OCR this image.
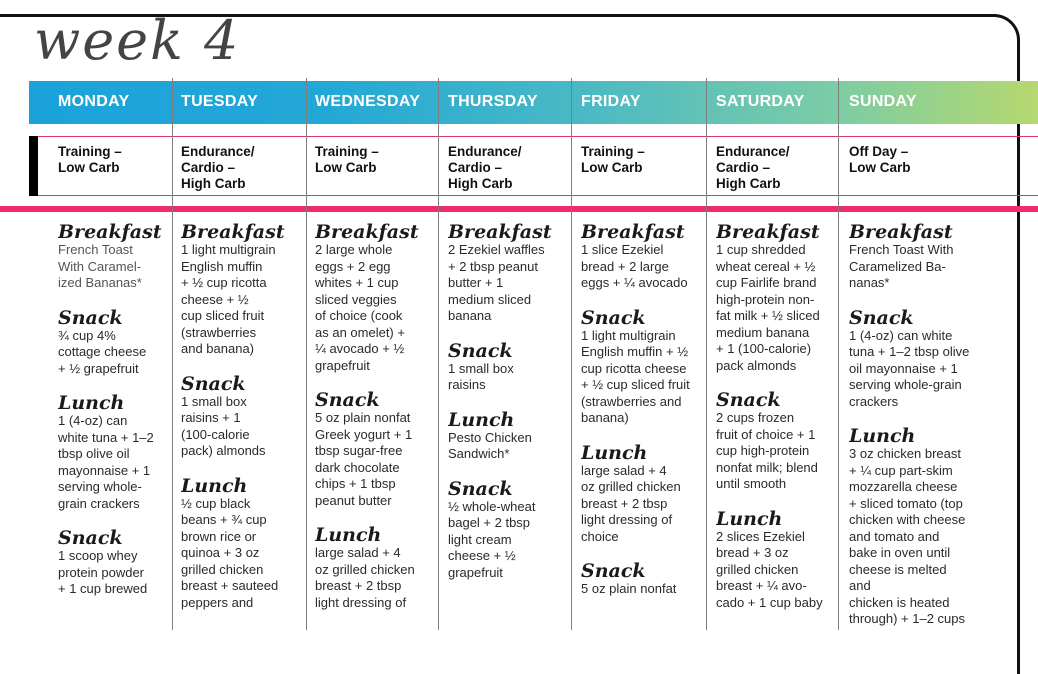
week 4
MONDAY
Training –
Low Carb
Breakfast
French Toast
With Caramel-
ized Bananas*
Snack
¾ cup 4%
cottage cheese
+ ½ grapefruit
Lunch
1 (4-oz) can
white tuna + 1–2
tbsp olive oil
mayonnaise + 1
serving whole-
grain crackers
Snack
1 scoop whey
protein powder
+ 1 cup brewed
TUESDAY
Endurance/
Cardio –
High Carb
Breakfast
1 light multigrain
English muffin
+ ½ cup ricotta
cheese + ½
cup sliced fruit
(strawberries
and banana)
Snack
1 small box
raisins + 1
(100-calorie
pack) almonds
Lunch
½ cup black
beans + ¾ cup
brown rice or
quinoa + 3 oz
grilled chicken
breast + sauteed
peppers and
WEDNESDAY
Training –
Low Carb
Breakfast
2 large whole
eggs + 2 egg
whites + 1 cup
sliced veggies
of choice (cook
as an omelet) +
¼ avocado + ½
grapefruit
Snack
5 oz plain nonfat
Greek yogurt + 1
tbsp sugar-free
dark chocolate
chips + 1 tbsp
peanut butter
Lunch
large salad + 4
oz grilled chicken
breast + 2 tbsp
light dressing of
THURSDAY
Endurance/
Cardio –
High Carb
Breakfast
2 Ezekiel waffles
+ 2 tbsp peanut
butter + 1
medium sliced
banana
Snack
1 small box
raisins
Lunch
Pesto Chicken
Sandwich*
Snack
½ whole-wheat
bagel + 2 tbsp
light cream
cheese + ½
grapefruit
FRIDAY
Training –
Low Carb
Breakfast
1 slice Ezekiel
bread + 2 large
eggs + ¼ avocado
Snack
1 light multigrain
English muffin + ½
cup ricotta cheese
+ ½ cup sliced fruit
(strawberries and
banana)
Lunch
large salad + 4
oz grilled chicken
breast + 2 tbsp
light dressing of
choice
Snack
5 oz plain nonfat
SATURDAY
Endurance/
Cardio –
High Carb
Breakfast
1 cup shredded
wheat cereal + ½
cup Fairlife brand
high-protein non-
fat milk + ½ sliced
medium banana
+ 1 (100-calorie)
pack almonds
Snack
2 cups frozen
fruit of choice + 1
cup high-protein
nonfat milk; blend
until smooth
Lunch
2 slices Ezekiel
bread + 3 oz
grilled chicken
breast + ¼ avo-
cado + 1 cup baby
SUNDAY
Off Day –
Low Carb
Breakfast
French Toast With
Caramelized Ba-
nanas*
Snack
1 (4-oz) can white
tuna + 1–2 tbsp olive
oil mayonnaise + 1
serving whole-grain
crackers
Lunch
3 oz chicken breast
+ ¼ cup part-skim
mozzarella cheese
+ sliced tomato (top
chicken with cheese
and tomato and
bake in oven until
cheese is melted and
chicken is heated
through) + 1–2 cups
